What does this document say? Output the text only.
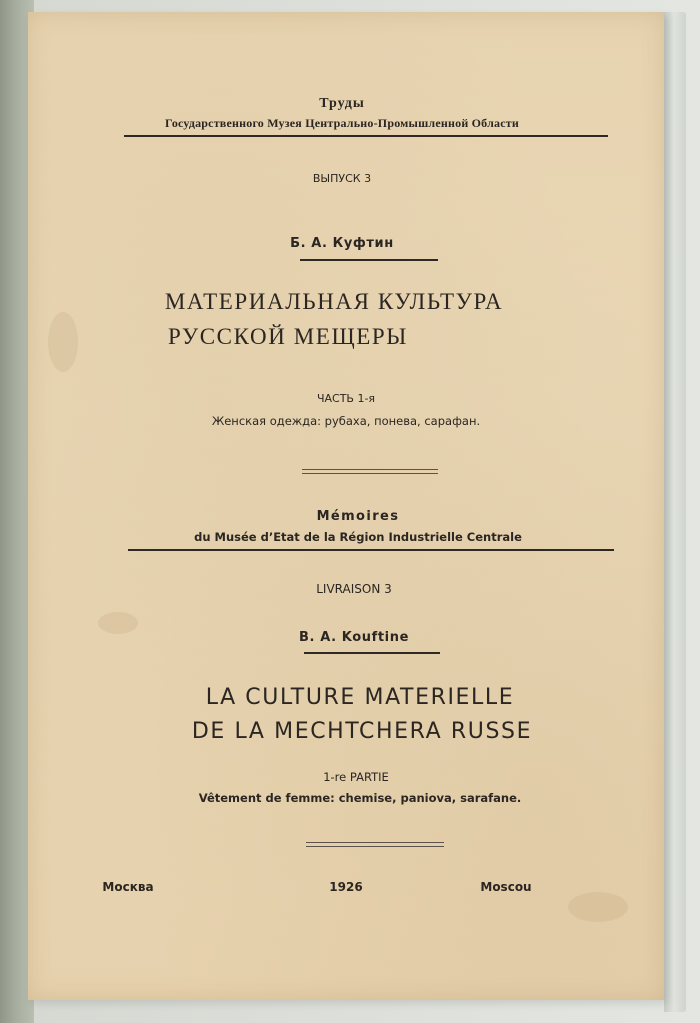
Труды
Государственного Музея Центрально-Промышленной Области
ВЫПУСК 3
Б. А. Куфтин
МАТЕРИАЛЬНАЯ КУЛЬТУРА
РУССКОЙ МЕЩЕРЫ
ЧАСТЬ 1-я
Женская одежда: рубаха, понева, сарафан.
Mémoires
du Musée d’Etat de la Région Industrielle Centrale
LIVRAISON 3
B. A. Kouftine
LA CULTURE MATERIELLE
DE LA MECHTCHERA RUSSE
1-re PARTIE
Vêtement de femme: chemise, paniova, sarafane.
Москва	1926	Moscou
